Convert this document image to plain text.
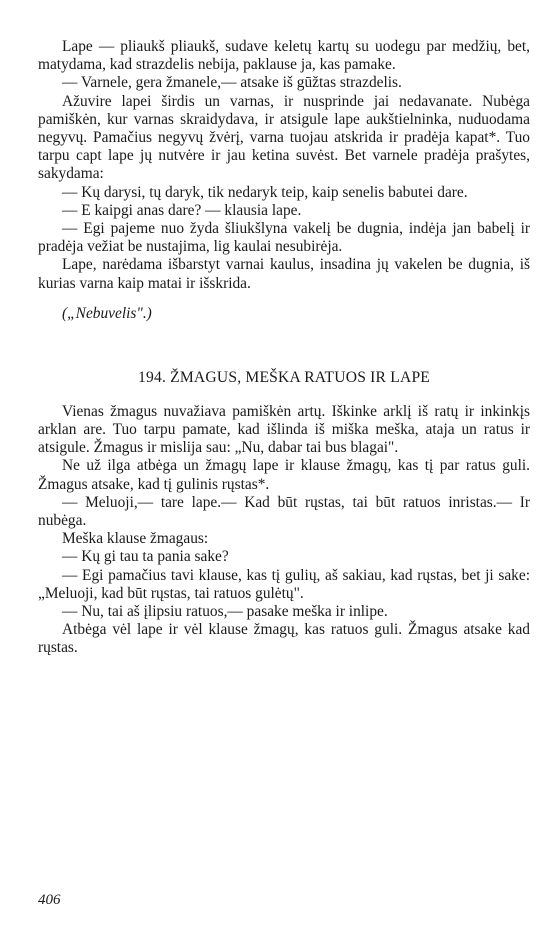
Lape — pliaukš pliaukš, sudave keletų kartų su uodegu par medžių, bet, matydama, kad strazdelis nebija, paklause ja, kas pamake.

— Varnele, gera žmanele,— atsake iš gūžtas strazdelis.

Ažuvire lapei širdis un varnas, ir nusprinde jai nedavanate. Nubėga pamiškėn, kur varnas skraidydava, ir atsigule lape aukštielninka, nuduodama negyvų. Pamačius negyvų žvėrį, varna tuojau atskrida ir pradėja kapat*. Tuo tarpu capt lape jų nutvėre ir jau ketina suvėst. Bet varnele pradėja prašytes, sakydama:

— Kų darysi, tų daryk, tik nedaryk teip, kaip senelis babutei dare.

— E kaipgi anas dare? — klausia lape.

— Egi pajeme nuo žyda šliukšlyna vakelį be dugnia, indėja jan babelį ir pradėja vežiat be nustajima, lig kaulai nesubirėja.

Lape, narėdama išbarstyt varnai kaulus, insadina jų vakelen be dugnia, iš kurias varna kaip matai ir išskrida.

(„Nebuvelis".)
194. ŽMAGUS, MEŠKA RATUOS IR LAPE

Vienas žmagus nuvažiava pamiškėn artų. Iškinke arklį iš ratų ir inkinkįs arklan are. Tuo tarpu pamate, kad išlinda iš miška meška, ataja un ratus ir atsigule. Žmagus ir mislija sau: „Nu, dabar tai bus blagai".

Ne už ilga atbėga un žmagų lape ir klause žmagų, kas tį par ratus guli. Žmagus atsake, kad tį gulinis rųstas*.

— Meluoji,— tare lape.— Kad būt rųstas, tai būt ratuos inristas.— Ir nubėga.

Meška klause žmagaus:

— Kų gi tau ta pania sake?

— Egi pamačius tavi klause, kas tį gulių, aš sakiau, kad rųstas, bet ji sake: „Meluoji, kad būt rųstas, tai ratuos gulėtų".

— Nu, tai aš įlipsiu ratuos,— pasake meška ir inlipe.

Atbėga vėl lape ir vėl klause žmagų, kas ratuos guli. Žmagus atsake kad rųstas.

406
